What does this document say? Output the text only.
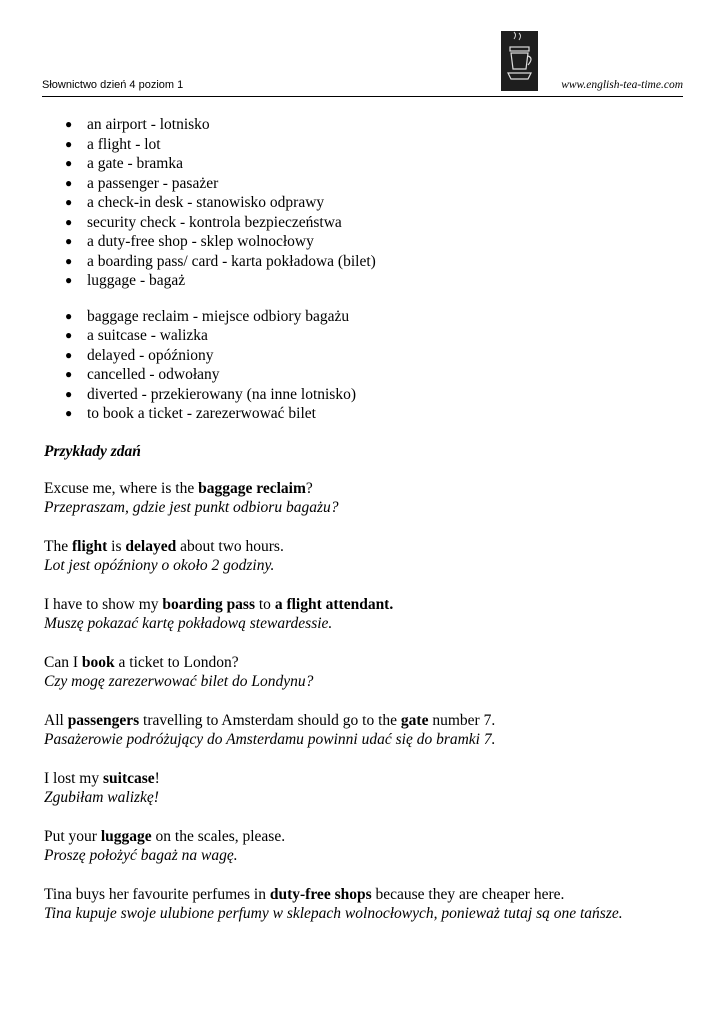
Słownictwo dzień 4 poziom 1	www.english-tea-time.com
● an airport - lotnisko
● a flight - lot
● a gate - bramka
● a passenger - pasażer
● a check-in desk - stanowisko odprawy
● security check - kontrola bezpieczeństwa
● a duty-free shop - sklep wolnocłowy
● a boarding pass/ card - karta pokładowa (bilet)
● luggage - bagaż
● baggage reclaim - miejsce odbiory bagażu
● a suitcase - walizka
● delayed - opóźniony
● cancelled - odwołany
● diverted - przekierowany (na inne lotnisko)
● to book a ticket - zarezerwować bilet
Przykłady zdań
Excuse me, where is the baggage reclaim?
Przepraszam, gdzie jest punkt odbioru bagażu?
The flight is delayed about two hours.
Lot jest opóźniony o około 2 godziny.
I have to show my boarding pass to a flight attendant.
Muszę pokazać kartę pokładową stewardessie.
Can I book a ticket to London?
Czy mogę zarezerwować bilet do Londynu?
All passengers travelling to Amsterdam should go to the gate number 7.
Pasażerowie podróżujący do Amsterdamu powinni udać się do bramki 7.
I lost my suitcase!
Zgubiłam walizkę!
Put your luggage on the scales, please.
Proszę położyć bagaż na wagę.
Tina buys her favourite perfumes in duty-free shops because they are cheaper here.
Tina kupuje swoje ulubione perfumy w sklepach wolnocłowych, ponieważ tutaj są one tańsze.
